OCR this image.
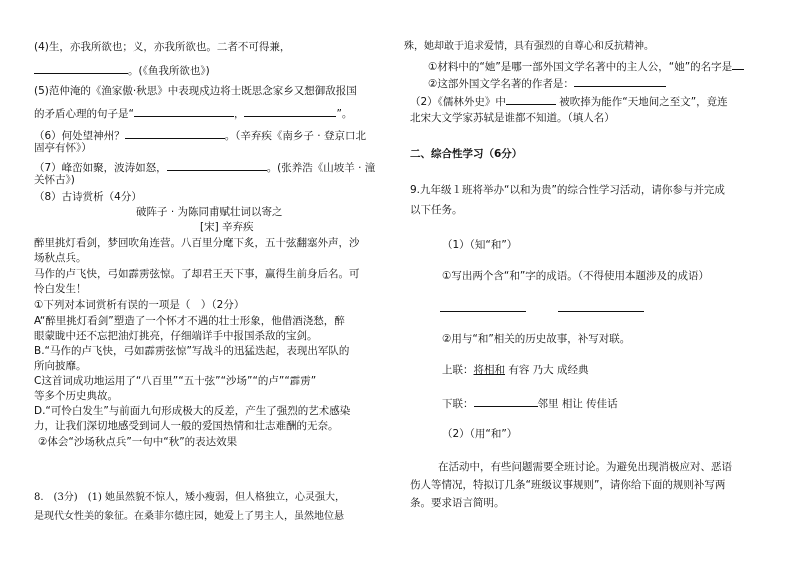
(4)生，亦我所欲也；义，亦我所欲也。二者不可得兼，
。(《鱼我所欲也》)
(5)范仲淹的《渔家傲·秋思》中表现戍边将士既思念家乡又想御敌报国
的矛盾心理的句子是“	，	”。
（6）何处望神州？	。（辛弃疾《南乡子 · 登京口北
固亭有怀》）
（7）峰峦如聚，波涛如怒，	。(张养浩《山坡羊 · 潼
关怀古》)
（8）古诗赏析（4分）
破阵子 · 为陈同甫赋壮词以寄之
[宋] 辛弃疾
醉里挑灯看剑，梦回吹角连营。八百里分麾下炙，五十弦翻塞外声，沙
场秋点兵。
马作的卢飞快，弓如霹雳弦惊。了却君王天下事，赢得生前身后名。可
怜白发生！
①下列对本词赏析有误的一项是（　）（2分）
A“醉里挑灯看剑”塑造了一个怀才不遇的壮士形象，他借酒浇愁，醉
眼蒙眬中还不忘把油灯挑亮，仔细端详手中报国杀敌的宝剑。
B.“马作的卢飞快，弓如霹雳弦惊”写战斗的迅猛迭起，表现出军队的
所向披靡。
C这首词成功地运用了“八百里”“五十弦”“沙场”“的卢”“霹雳”
等多个历史典故。
D.“可怜白发生”与前面九句形成极大的反差，产生了强烈的艺术感染
力，让我们深切地感受到词人一般的爱国热情和壮志难酬的无奈。
②体会“沙场秋点兵”一句中“秋”的表达效果
8.　(3分)　(1) 她虽然貌不惊人，矮小瘦弱，但人格独立，心灵强大，
是现代女性美的象征。在桑菲尔德庄园，她爱上了男主人，虽然地位悬
殊，她却敢于追求爱情，具有强烈的自尊心和反抗精神。
①材料中的“她”是哪一部外国文学名著中的主人公，“她”的名字是
②这部外国文学名著的作者是：
（2）《儒林外史》中	被吹捧为能作“天地间之至文”，竟连
北宋大文学家苏轼是谁都不知道。（填人名）
二、综合性学习（6分）
9.九年级１班将举办“以和为贵”的综合性学习活动，请你参与并完成
以下任务。
（1）（知“和”）
①写出两个含“和”字的成语。（不得使用本题涉及的成语）
②用与“和”相关的历史故事，补写对联。
上联：将相和 有容 乃大 成经典
下联：	邻里 相让 传佳话
（2）（用“和”）
在活动中，有些问题需要全班讨论。为避免出现消极应对、恶语
伤人等情况，特拟订几条“班级议事规则”，请你给下面的规则补写两
条。要求语言简明。
